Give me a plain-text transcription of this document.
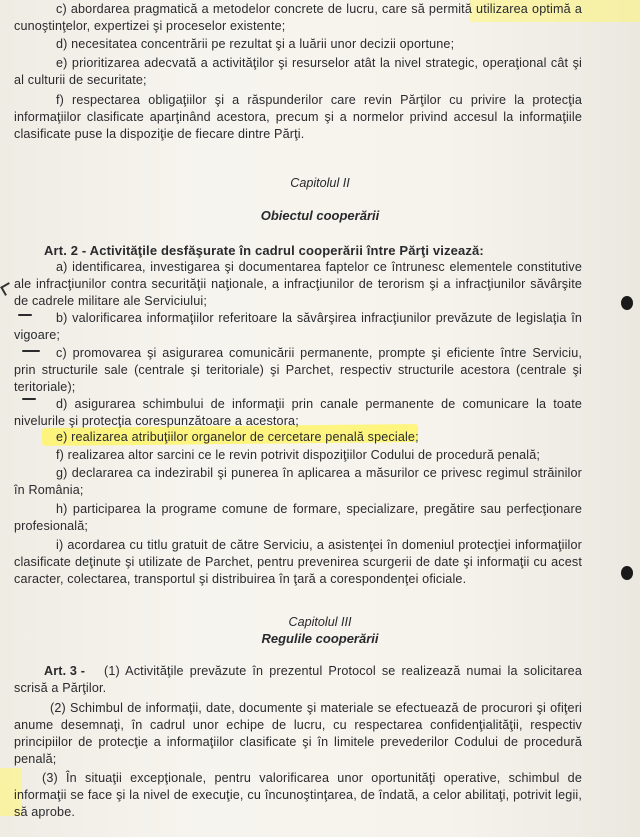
c) abordarea pragmatică a metodelor concrete de lucru, care să permită utilizarea optimă a
cunoştinţelor, expertizei şi proceselor existente;
d) necesitatea concentrării pe rezultat şi a luării unor decizii oportune;
e) prioritizarea adecvată a activităţilor şi resurselor atât la nivel strategic, operaţional cât şi
al culturii de securitate;
f) respectarea obligaţiilor şi a răspunderilor care revin Părţilor cu privire la protecţia
informaţiilor clasificate aparţinând acestora, precum şi a normelor privind accesul la informaţiile
clasificate puse la dispoziţie de fiecare dintre Părţi.
Capitolul II
Obiectul cooperării
Art. 2 - Activităţile desfăşurate în cadrul cooperării între Părţi vizează:
a) identificarea, investigarea şi documentarea faptelor ce întrunesc elementele constitutive
ale infracţiunilor contra securităţii naţionale, a infracţiunilor de terorism şi a infracţiunilor săvârşite
de cadrele militare ale Serviciului;
b) valorificarea informaţiilor referitoare la săvârşirea infracţiunilor prevăzute de legislaţia în
vigoare;
c) promovarea şi asigurarea comunicării permanente, prompte şi eficiente între Serviciu,
prin structurile sale (centrale şi teritoriale) şi Parchet, respectiv structurile acestora (centrale şi
teritoriale);
d) asigurarea schimbului de informaţii prin canale permanente de comunicare la toate
nivelurile şi protecţia corespunzătoare a acestora;
e) realizarea atribuţiilor organelor de cercetare penală speciale;
f) realizarea altor sarcini ce le revin potrivit dispoziţiilor Codului de procedură penală;
g) declararea ca indezirabil şi punerea în aplicarea a măsurilor ce privesc regimul străinilor
în România;
h) participarea la programe comune de formare, specializare, pregătire sau perfecţionare
profesională;
i) acordarea cu titlu gratuit de către Serviciu, a asistenţei în domeniul protecţiei informaţiilor
clasificate deţinute şi utilizate de Parchet, pentru prevenirea scurgerii de date şi informaţii cu acest
caracter, colectarea, transportul şi distribuirea în ţară a corespondenţei oficiale.
Capitolul III
Regulile cooperării
Art. 3 -	(1) Activităţile prevăzute în prezentul Protocol se realizează numai la solicitarea
scrisă a Părţilor.
(2) Schimbul de informaţii, date, documente şi materiale se efectuează de procurori şi ofiţeri
anume desemnaţi, în cadrul unor echipe de lucru, cu respectarea confidenţialităţii, respectiv
principiilor de protecţie a informaţiilor clasificate şi în limitele prevederilor Codului de procedură
penală;
(3) În situaţii excepţionale, pentru valorificarea unor oportunităţi operative, schimbul de
informaţii se face şi la nivel de execuţie, cu încunoştinţarea, de îndată, a celor abilitaţi, potrivit legii,
să aprobe.
